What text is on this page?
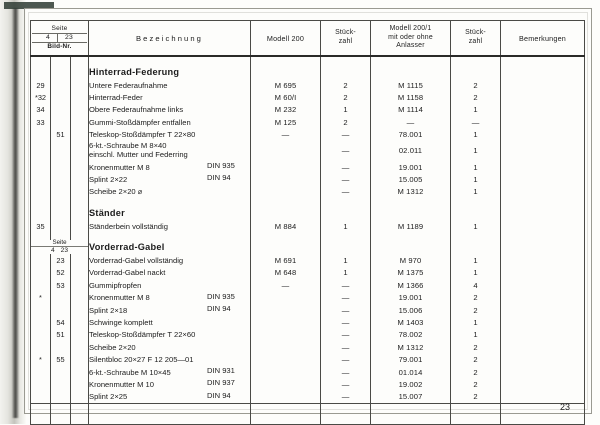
Seite
4	23
Bild-Nr.
	Bezeichnung	Modell 200	
Stück-
zahl

Modell 200/1
mit oder ohne
Anlasser

Stück-
zahl	Bemerkungen

			Hinterrad-Federung					
29			Untere Federaufnahme	M 695	2	M 1115	2	
*32			Hinterrad-Feder	M 60/I	2	M 1158	2	
34			Obere Federaufnahme links	M 232	1	M 1114	1	
33			Gummi-Stoßdämpfer entfallen	M 125	2	—	—	
	51		Teleskop-Stoßdämpfer T 22×80	—	—	78.001	1	

			6-kt.-Schraube M 8×40
einschl. Mutter und Federring		—	02.011	1	
			Kronenmutter M 8 DIN 935		—	19.001	1	
			Splint 2×22 DIN 94		—	15.005	1	
			Scheibe 2×20 ⌀		—	M 1312	1	

			Ständer					
35			Ständerbein vollständig	M 884	1	M 1189	1	

Seite
4 23			Vorderrad-Gabel					
	23		Vorderrad-Gabel vollständig	M 691	1	M 970	1	
	52		Vorderrad-Gabel nackt	M 648	1	M 1375	1	
	53		Gummipfropfen	—	—	M 1366	4	
*			Kronenmutter M 8 DIN 935		—	19.001	2	
			Splint 2×18 DIN 94		—	15.006	2	
	54		Schwinge komplett		—	M 1403	1	
	51		Teleskop-Stoßdämpfer T 22×60		—	78.002	1	
			Scheibe 2×20		—	M 1312	2	
*	55		Silentbloc 20×27 F 12 205—01		—	79.001	2	
			6-kt.-Schraube M 10×45 DIN 931		—	01.014	2	
			Kronenmutter M 10 DIN 937		—	19.002	2	
			Splint 2×25 DIN 94		—	15.007	2	

23
